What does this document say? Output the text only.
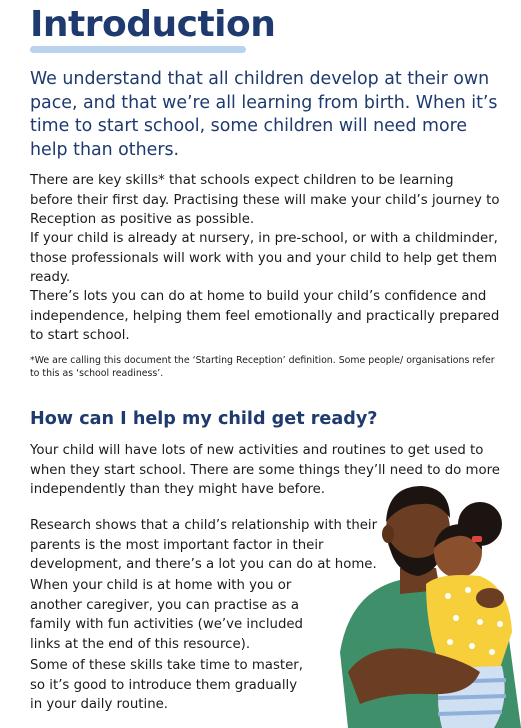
Introduction

We understand that all children develop at their own pace, and that we’re all learning from birth. When it’s time to start school, some children will need more help than others.

There are key skills* that schools expect children to be learning before their first day. Practising these will make your child’s journey to Reception as positive as possible.

If your child is already at nursery, in pre-school, or with a childminder, those professionals will work with you and your child to help get them ready.

There’s lots you can do at home to build your child’s confidence and independence, helping them feel emotionally and practically prepared to start school.

*We are calling this document the ‘Starting Reception’ definition. Some people/ organisations refer to this as ‘school readiness’.

How can I help my child get ready?

Your child will have lots of new activities and routines to get used to when they start school. There are some things they’ll need to do more independently than they might have before.

Research shows that a child’s relationship with their parents is the most important factor in their development, and there’s a lot you can do at home.

When your child is at home with you or another caregiver, you can practise as a family with fun activities (we’ve included links at the end of this resource).

Some of these skills take time to master, so it’s good to introduce them gradually in your daily routine.
